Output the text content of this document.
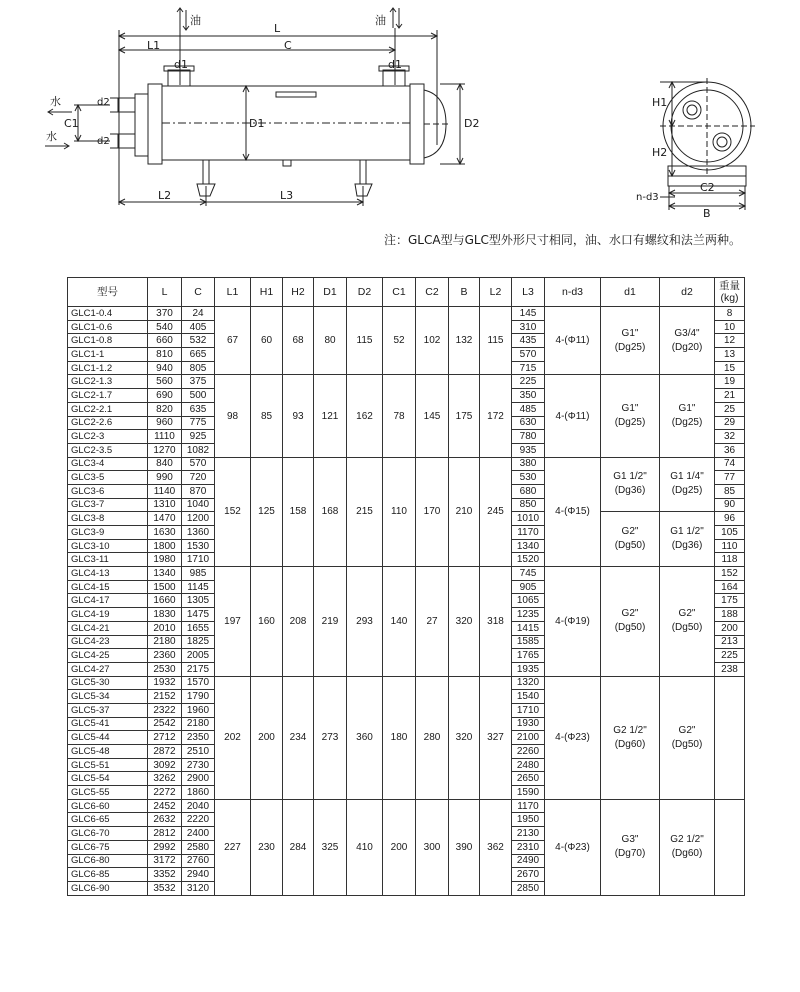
油	油
水
水
L
L1	C
d1	d1
d2
d2
C1	D1	D2
L2	L3
H1
H2
n-d3
C2
B
注：GLCA型与GLC型外形尺寸相同，油、水口有螺纹和法兰两种。
型号	L	C	L1	H1	H2	D1	D2	C1	C2	B	L2	L3	n-d3	d1	d2	重量(kg)
GLC1-0.4	370	24	67	60	68	80	115	52	102	132	115	145	4-(Φ11)	G1"
(Dg25)	G3/4"
(Dg20)	8
GLC1-0.6	540	405										310				10
GLC1-0.8	660	532										435				12
GLC1-1	810	665										570				13
GLC1-1.2	940	805										715				15
GLC2-1.3	560	375	98	85	93	121	162	78	145	175	172	225	4-(Φ11)	G1"
(Dg25)	G1"
(Dg25)	19
GLC2-1.7	690	500										350				21
GLC2-2.1	820	635										485				25
GLC2-2.6	960	775										630				29
GLC2-3	1110	925										780				32
GLC2-3.5	1270	1082										935				36
GLC3-4	840	570	152	125	158	168	215	110	170	210	245	380	4-(Φ15)	G1 1/2"
(Dg36)	G1 1/4"
(Dg25)	74
GLC3-5	990	720										530				77
GLC3-6	1140	870										680				85
GLC3-7	1310	1040										850				90
GLC3-8	1470	1200										1010		G2"
(Dg50)	G1 1/2"
(Dg36)	96
GLC3-9	1630	1360										1170				105
GLC3-10	1800	1530										1340				110
GLC3-11	1980	1710										1520				118
GLC4-13	1340	985	197	160	208	219	293	140	27	320	318	745	4-(Φ19)	G2"
(Dg50)	G2"
(Dg50)	152
GLC4-15	1500	1145										905				164
GLC4-17	1660	1305										1065				175
GLC4-19	1830	1475										1235				188
GLC4-21	2010	1655										1415				200
GLC4-23	2180	1825										1585				213
GLC4-25	2360	2005										1765				225
GLC4-27	2530	2175										1935				238
GLC5-30	1932	1570	202	200	234	273	360	180	280	320	327	1320	4-(Φ23)	G2 1/2"
(Dg60)	G2"
(Dg50)	

GLC5-34	2152	1790										1540				
GLC5-37	2322	1960										1710				
GLC5-41	2542	2180										1930				
GLC5-44	2712	2350										2100				
GLC5-48	2872	2510										2260				
GLC5-51	3092	2730										2480				
GLC5-54	3262	2900										2650				
GLC5-55	2272	1860										1590				
GLC6-60	2452	2040	227	230	284	325	410	200	300	390	362	1170	4-(Φ23)	G3"
(Dg70)	G2 1/2"
(Dg60)	

GLC6-65	2632	2220										1950				
GLC6-70	2812	2400										2130				
GLC6-75	2992	2580										2310				
GLC6-80	3172	2760										2490				
GLC6-85	3352	2940										2670				
GLC6-90	3532	3120										2850				
